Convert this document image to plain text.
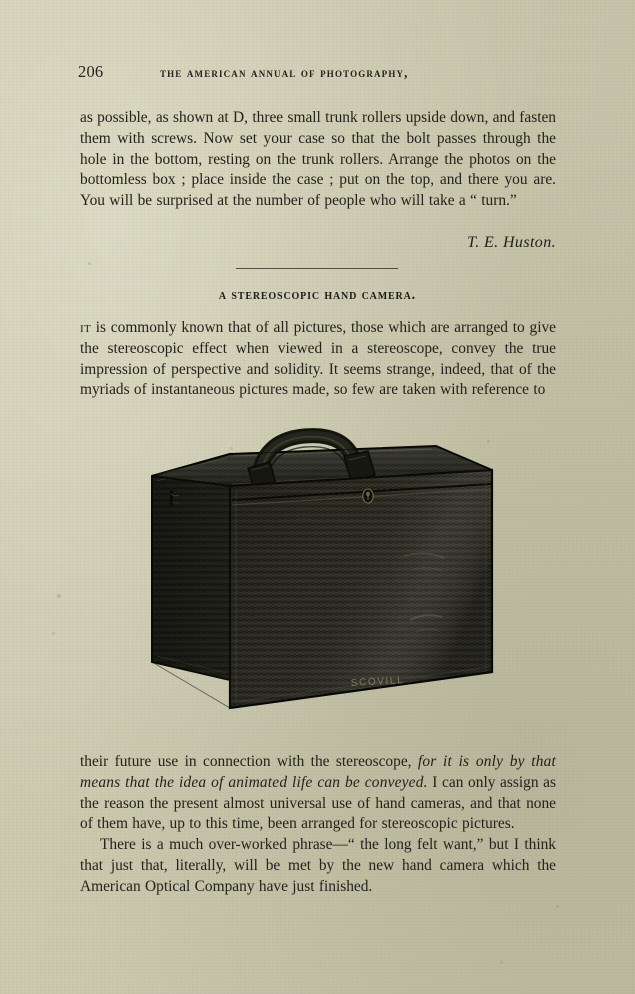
206	the american annual of photography,

as possible, as shown at D, three small trunk rollers upside down, and fasten them with screws. Now set your case so that the bolt passes through the hole in the bottom, resting on the trunk rollers. Arrange the photos on the bottomless box ; place inside the case ; put on the top, and there you are. You will be surprised at the number of people who will take a “ turn.”

T. E. Huston.
a stereoscopic hand camera.

it is commonly known that of all pictures, those which are arranged to give the stereoscopic effect when viewed in a stereoscope, convey the true impression of perspective and solidity. It seems strange, indeed, that of the myriads of instantaneous pictures made, so few are taken with reference to

SCOVILL

their future use in connection with the stereoscope, for it is only by that means that the idea of animated life can be conveyed. I can only assign as the reason the present almost universal use of hand cameras, and that none of them have, up to this time, been arranged for stereoscopic pictures.

There is a much over-worked phrase—“ the long felt want,” but I think that just that, literally, will be met by the new hand camera which the American Optical Company have just finished.
